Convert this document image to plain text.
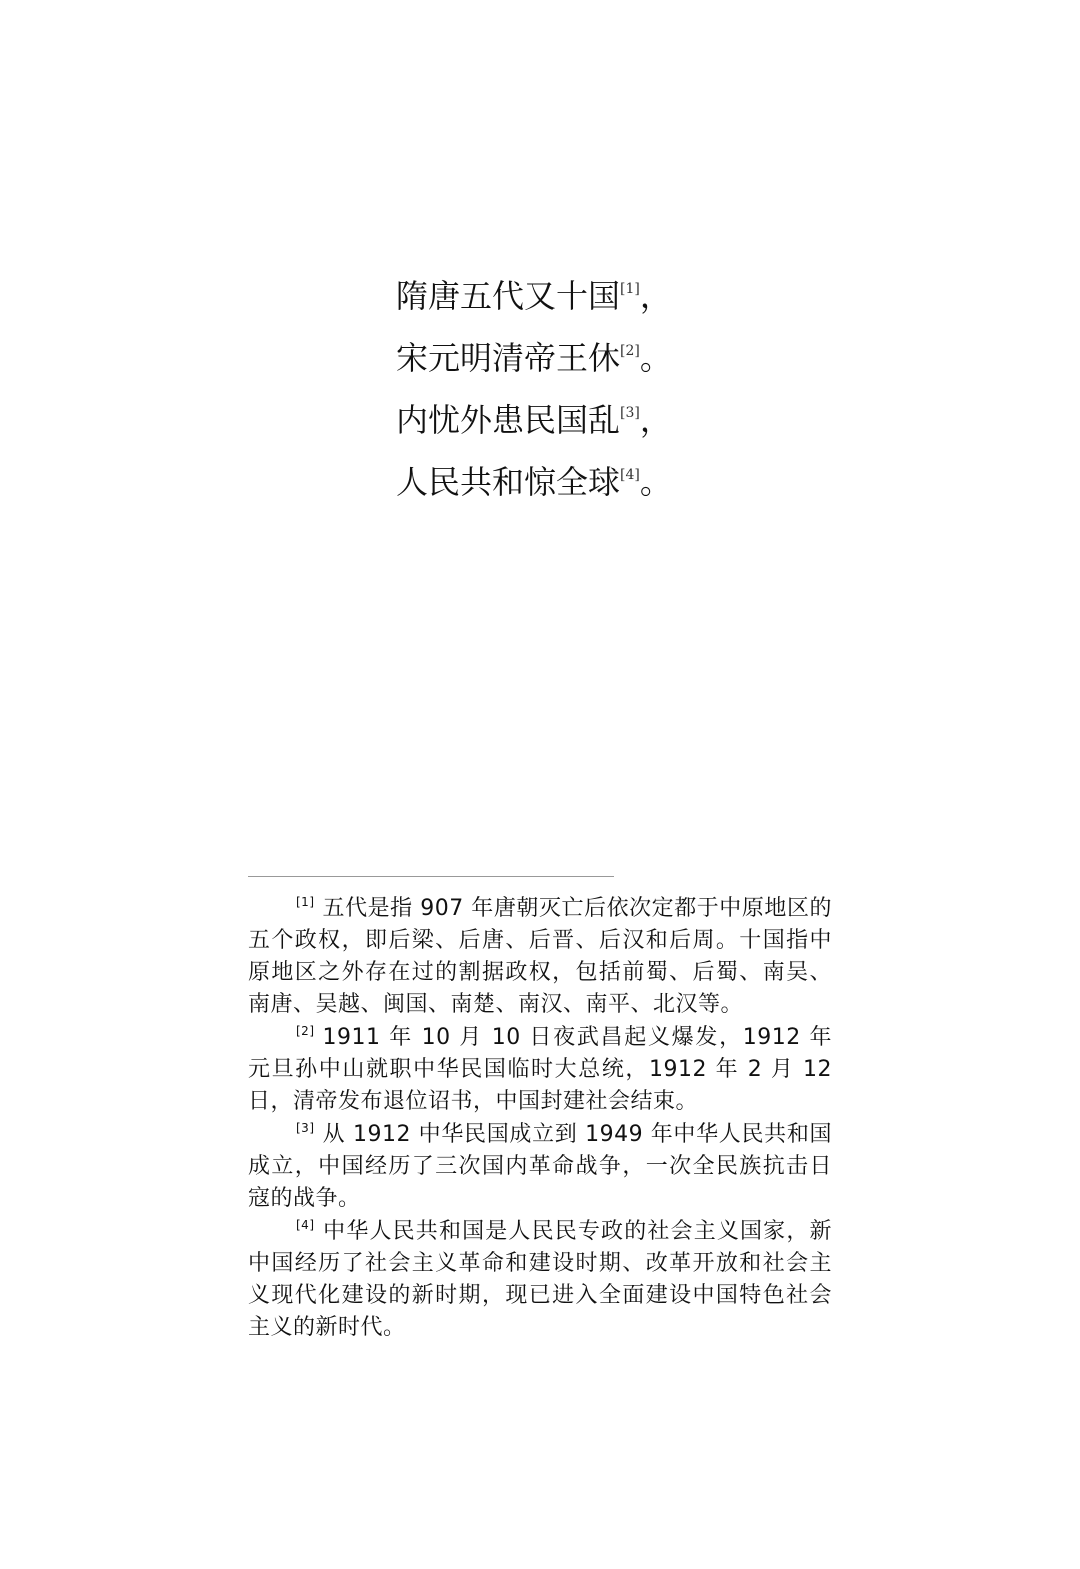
隋唐五代又十国[1]，
宋元明清帝王休[2]。
内忧外患民国乱[3]，
人民共和惊全球[4]。

[1] 五代是指 907 年唐朝灭亡后依次定都于中原地区的五个政权，即后梁、后唐、后晋、后汉和后周。十国指中原地区之外存在过的割据政权，包括前蜀、后蜀、南吴、南唐、吴越、闽国、南楚、南汉、南平、北汉等。

[2] 1911 年 10 月 10 日夜武昌起义爆发，1912 年元旦孙中山就职中华民国临时大总统，1912 年 2 月 12 日，清帝发布退位诏书，中国封建社会结束。

[3] 从 1912 中华民国成立到 1949 年中华人民共和国成立，中国经历了三次国内革命战争，一次全民族抗击日寇的战争。

[4] 中华人民共和国是人民民专政的社会主义国家，新中国经历了社会主义革命和建设时期、改革开放和社会主义现代化建设的新时期，现已进入全面建设中国特色社会主义的新时代。
